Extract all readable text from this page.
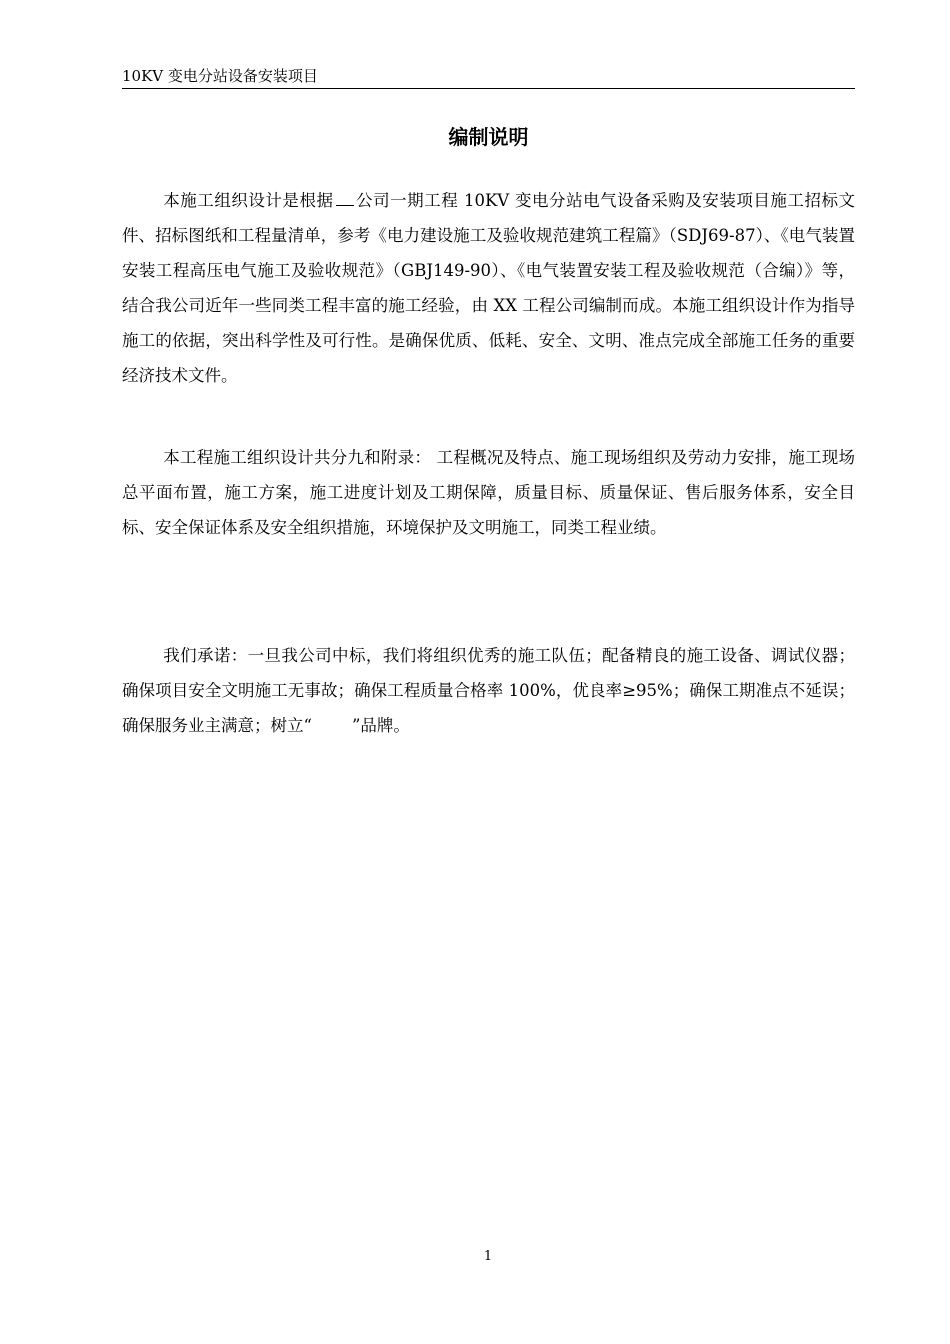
10KV 变电分站设备安装项目
编制说明

本施工组织设计是根据 公司一期工程 10KV 变电分站电气设备采购及安装项目施工招标文件、招标图纸和工程量清单，参考《电力建设施工及验收规范建筑工程篇》（SDJ69-87）、《电气装置安装工程高压电气施工及验收规范》（GBJ149-90）、《电气装置安装工程及验收规范（合编）》等，结合我公司近年一些同类工程丰富的施工经验，由 XX 工程公司编制而成。本施工组织设计作为指导施工的依据，突出科学性及可行性。是确保优质、低耗、安全、文明、准点完成全部施工任务的重要经济技术文件。

本工程施工组织设计共分九和附录： 工程概况及特点、施工现场组织及劳动力安排，施工现场总平面布置，施工方案，施工进度计划及工期保障，质量目标、质量保证、售后服务体系，安全目标、安全保证体系及安全组织措施，环境保护及文明施工，同类工程业绩。

我们承诺：一旦我公司中标，我们将组织优秀的施工队伍；配备精良的施工设备、调试仪器；确保项目安全文明施工无事故；确保工程质量合格率 100%，优良率≥95%；确保工期准点不延误；确保服务业主满意；树立“ ”品牌。

1
